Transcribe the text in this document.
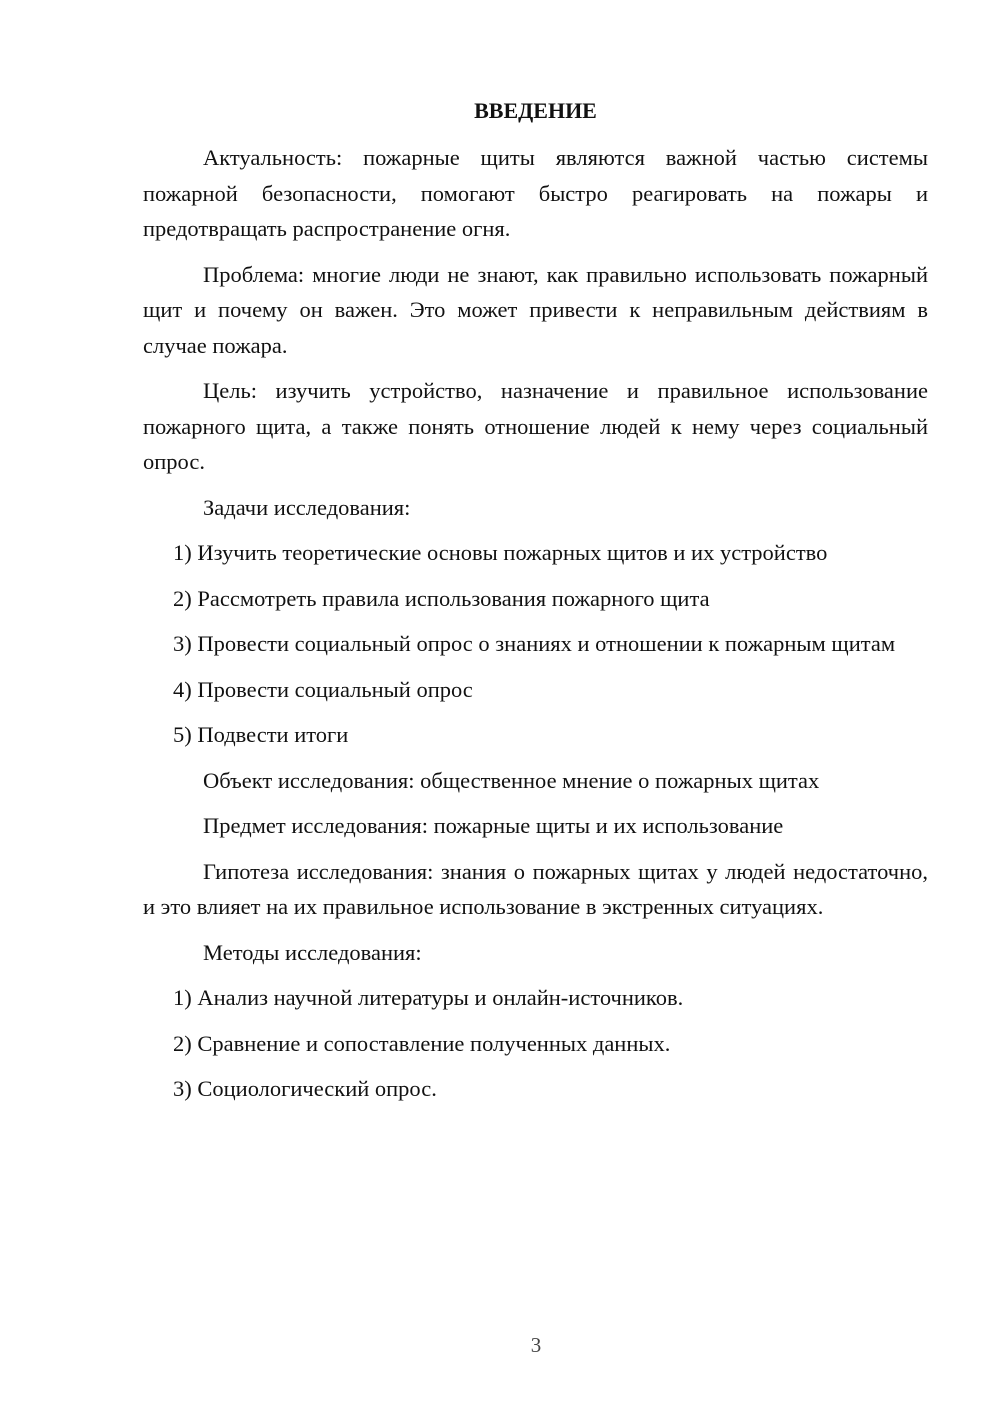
ВВЕДЕНИЕ

Актуальность: пожарные щиты являются важной частью системы пожарной безопасности, помогают быстро реагировать на пожары и предотвращать распространение огня.

Проблема: многие люди не знают, как правильно использовать пожарный щит и почему он важен. Это может привести к неправильным действиям в случае пожара.

Цель: изучить устройство, назначение и правильное использование пожарного щита, а также понять отношение людей к нему через социальный опрос.

Задачи исследования:

1) Изучить теоретические основы пожарных щитов и их устройство

2) Рассмотреть правила использования пожарного щита

3) Провести социальный опрос о знаниях и отношении к пожарным щитам

4) Провести социальный опрос

5) Подвести итоги

Объект исследования: общественное мнение о пожарных щитах

Предмет исследования: пожарные щиты и их использование

Гипотеза исследования: знания о пожарных щитах у людей недостаточно, и это влияет на их правильное использование в экстренных ситуациях.

Методы исследования:

1) Анализ научной литературы и онлайн-источников.

2) Сравнение и сопоставление полученных данных.

3) Социологический опрос.

3
